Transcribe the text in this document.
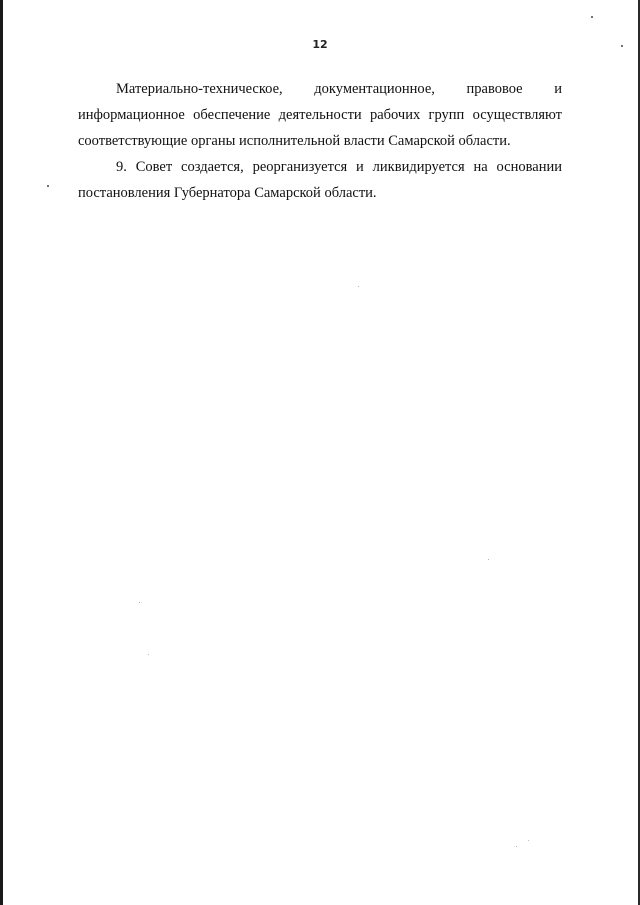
12

Материально-техническое, документационное, правовое и информационное обеспечение деятельности рабочих групп осуществляют соответствующие органы исполнительной власти Самарской области.

9. Совет создается, реорганизуется и ликвидируется на основании постановления Губернатора Самарской области.
